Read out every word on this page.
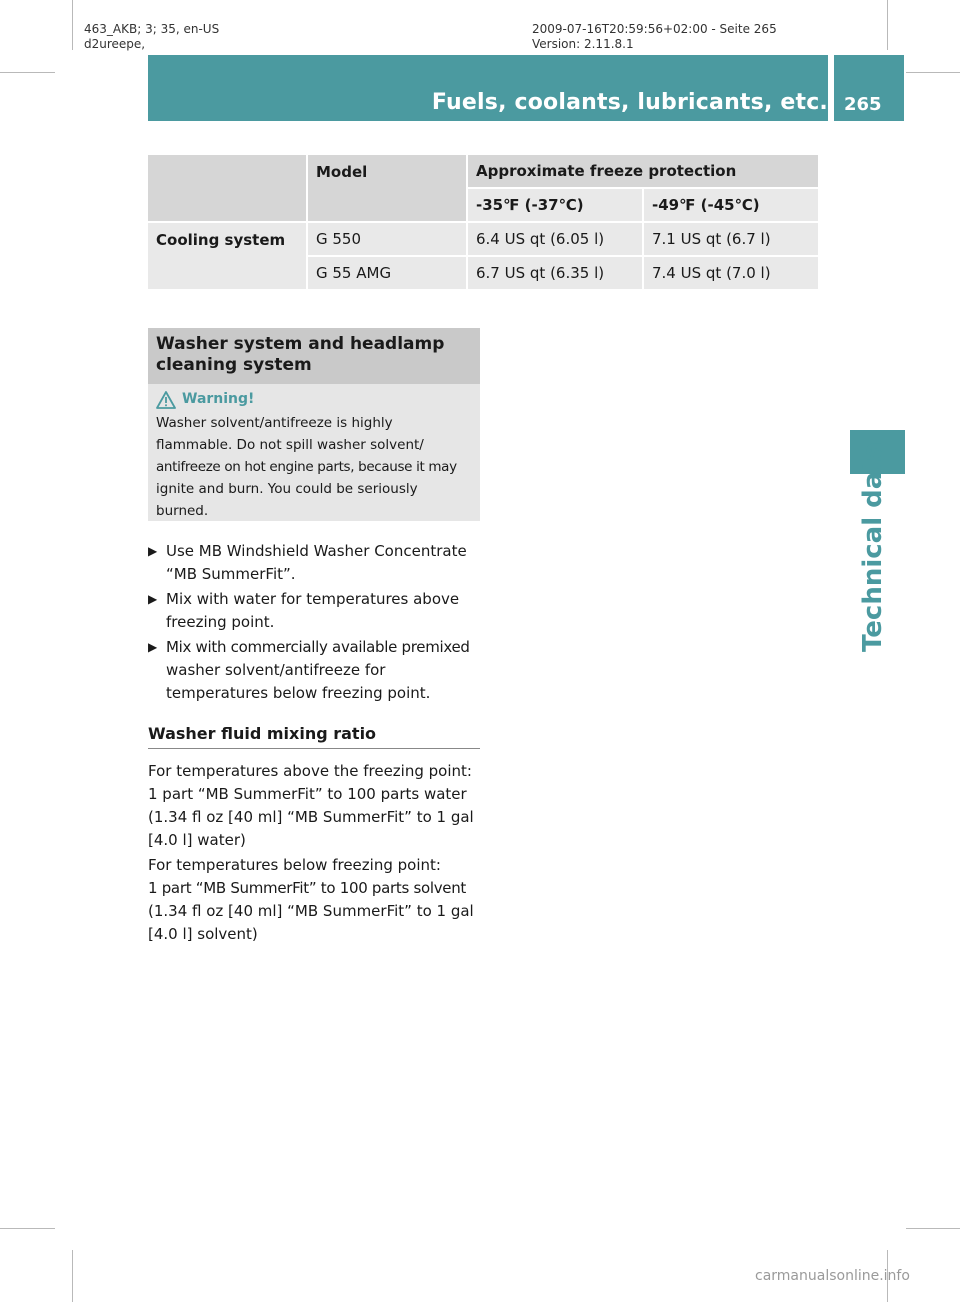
463_AKB; 3; 35, en-US
d2ureepe,
2009-07-16T20:59:56+02:00 - Seite 265
Version: 2.11.8.1
Fuels, coolants, lubricants, etc. 265
Technical data
	Model	Approximate freeze protection	
		-35℉ (-37℃)	-49℉ (-45℃)
Cooling system	G 550	6.4 US qt (6.05 l)	7.1 US qt (6.7 l)
	G 55 AMG	6.7 US qt (6.35 l)	7.4 US qt (7.0 l)
Washer system and headlamp
cleaning system
Warning!
Washer solvent/antifreeze is highly
flammable. Do not spill washer solvent/
antifreeze on hot engine parts, because it may
ignite and burn. You could be seriously
burned.
▶ Use MB Windshield Washer Concentrate
“MB SummerFit”.
▶ Mix with water for temperatures above
freezing point.
▶ Mix with commercially available premixed
washer solvent/antifreeze for
temperatures below freezing point.
Washer fluid mixing ratio

For temperatures above the freezing point:
1 part “MB SummerFit” to 100 parts water
(1.34 fl oz [40 ml] “MB SummerFit” to 1 gal
[4.0 l] water)

For temperatures below freezing point:
1 part “MB SummerFit” to 100 parts solvent
(1.34 fl oz [40 ml] “MB SummerFit” to 1 gal
[4.0 l] solvent)

carmanualsonline.info
